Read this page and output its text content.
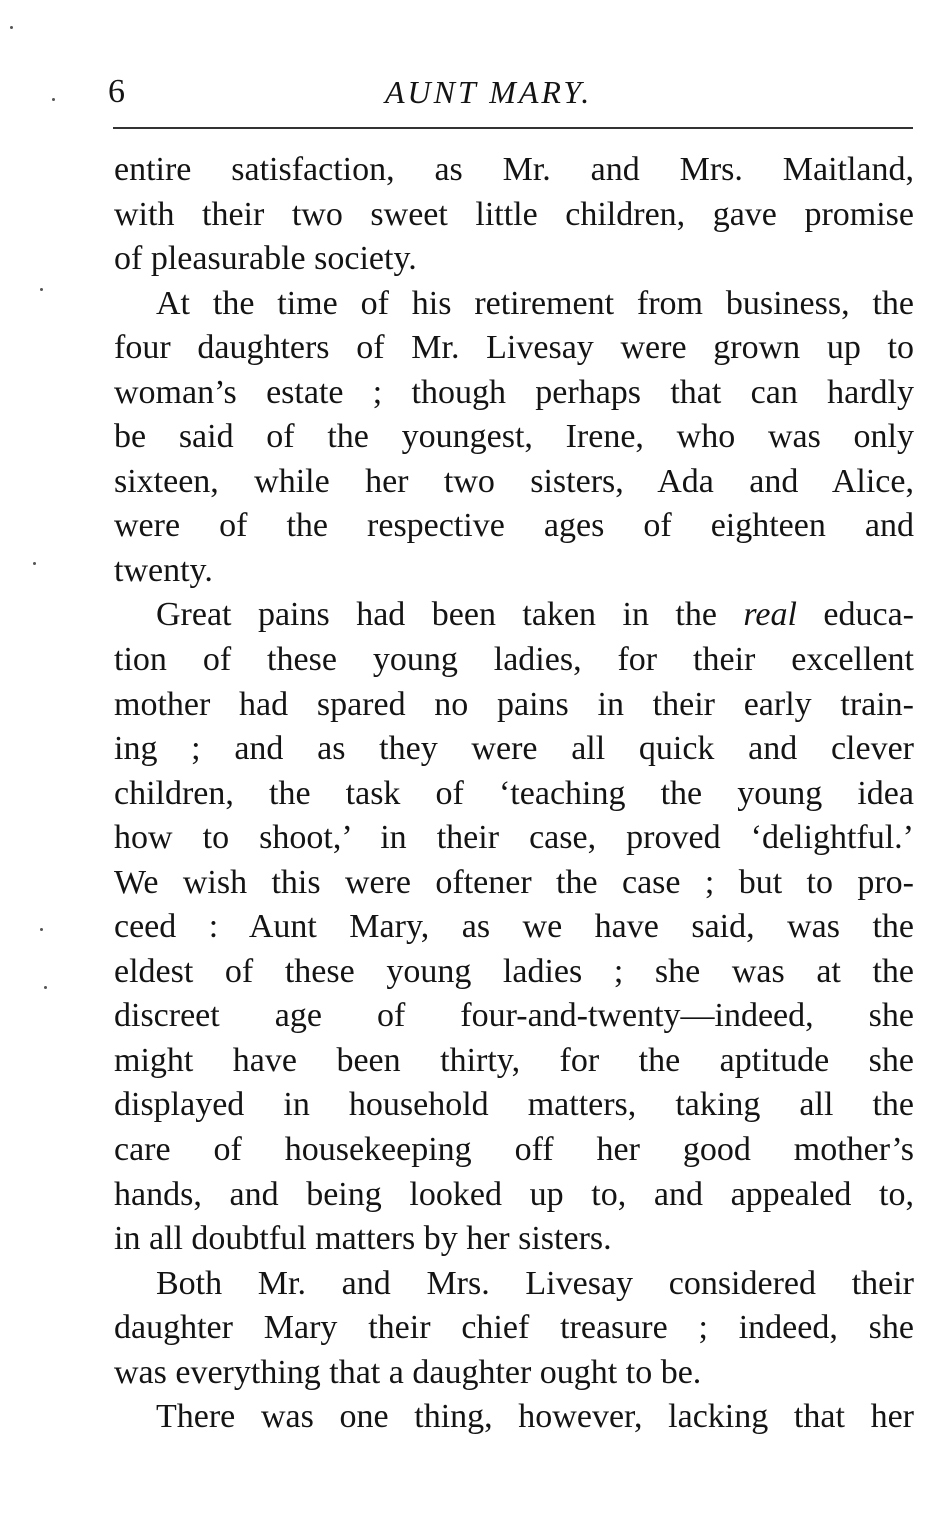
6	AUNT MARY.
entire satisfaction, as Mr. and Mrs. Maitland,
with their two sweet little children, gave promise
of pleasurable society.
At the time of his retirement from business, the
four daughters of Mr. Livesay were grown up to
woman’s estate ; though perhaps that can hardly
be said of the youngest, Irene, who was only
sixteen, while her two sisters, Ada and Alice,
were of the respective ages of eighteen and
twenty.
Great pains had been taken in the real educa-
tion of these young ladies, for their excellent
mother had spared no pains in their early train-
ing ; and as they were all quick and clever
children, the task of ‘teaching the young idea
how to shoot,’ in their case, proved ‘delightful.’
We wish this were oftener the case ; but to pro-
ceed : Aunt Mary, as we have said, was the
eldest of these young ladies ; she was at the
discreet age of four-and-twenty—indeed, she
might have been thirty, for the aptitude she
displayed in household matters, taking all the
care of housekeeping off her good mother’s
hands, and being looked up to, and appealed to,
in all doubtful matters by her sisters.
Both Mr. and Mrs. Livesay considered their
daughter Mary their chief treasure ; indeed, she
was everything that a daughter ought to be.
There was one thing, however, lacking that her
